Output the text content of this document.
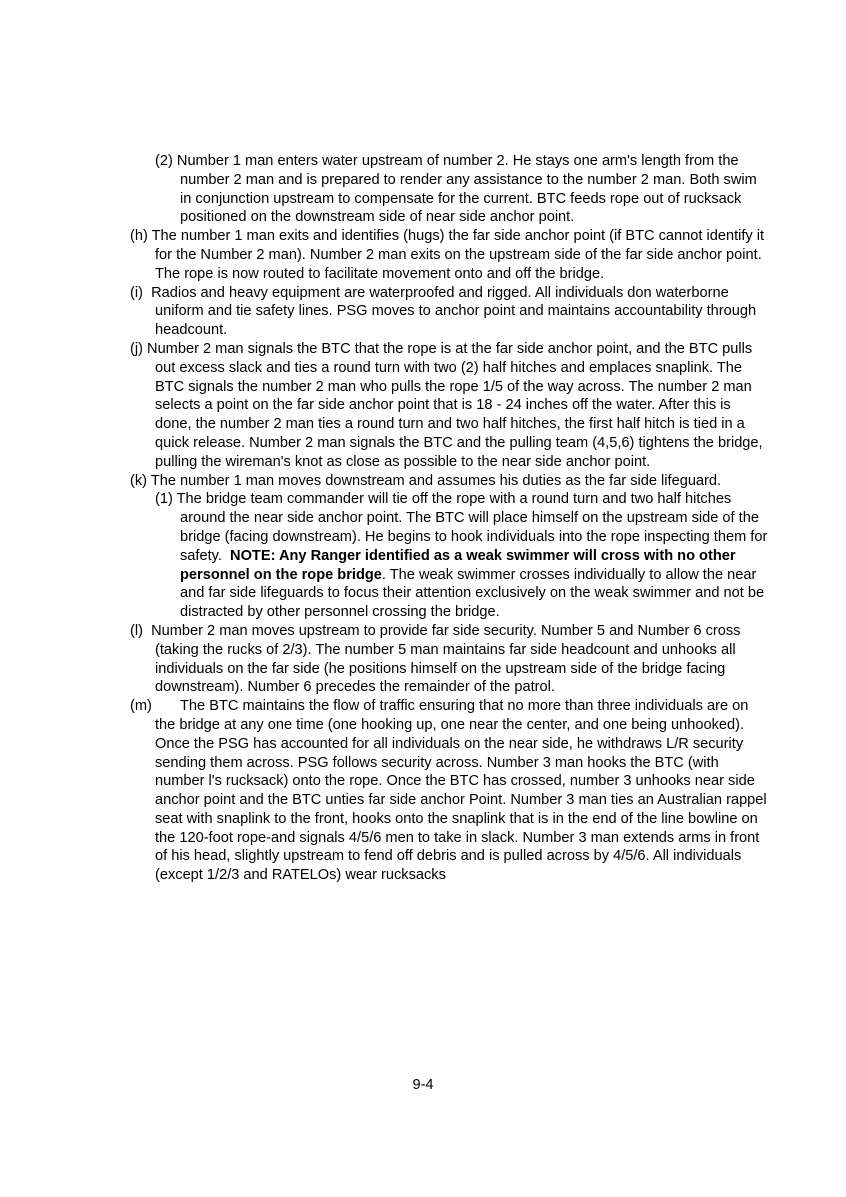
(2) Number 1 man enters water upstream of number 2. He stays one arm's length from the number 2 man and is prepared to render any assistance to the number 2 man. Both swim in conjunction upstream to compensate for the current. BTC feeds rope out of rucksack positioned on the downstream side of near side anchor point.

(h) The number 1 man exits and identifies (hugs) the far side anchor point (if BTC cannot identify it for the Number 2 man). Number 2 man exits on the upstream side of the far side anchor point. The rope is now routed to facilitate movement onto and off the bridge.

(i) Radios and heavy equipment are waterproofed and rigged. All individuals don waterborne uniform and tie safety lines. PSG moves to anchor point and maintains accountability through headcount.

(j) Number 2 man signals the BTC that the rope is at the far side anchor point, and the BTC pulls out excess slack and ties a round turn with two (2) half hitches and emplaces snaplink. The BTC signals the number 2 man who pulls the rope 1/5 of the way across. The number 2 man selects a point on the far side anchor point that is 18 - 24 inches off the water. After this is done, the number 2 man ties a round turn and two half hitches, the first half hitch is tied in a quick release. Number 2 man signals the BTC and the pulling team (4,5,6) tightens the bridge, pulling the wireman's knot as close as possible to the near side anchor point.

(k) The number 1 man moves downstream and assumes his duties as the far side lifeguard.

(1) The bridge team commander will tie off the rope with a round turn and two half hitches around the near side anchor point. The BTC will place himself on the upstream side of the bridge (facing downstream). He begins to hook individuals into the rope inspecting them for safety. NOTE: Any Ranger identified as a weak swimmer will cross with no other personnel on the rope bridge. The weak swimmer crosses individually to allow the near and far side lifeguards to focus their attention exclusively on the weak swimmer and not be distracted by other personnel crossing the bridge.

(l) Number 2 man moves upstream to provide far side security. Number 5 and Number 6 cross (taking the rucks of 2/3). The number 5 man maintains far side headcount and unhooks all individuals on the far side (he positions himself on the upstream side of the bridge facing downstream). Number 6 precedes the remainder of the patrol.

(m) The BTC maintains the flow of traffic ensuring that no more than three individuals are on the bridge at any one time (one hooking up, one near the center, and one being unhooked). Once the PSG has accounted for all individuals on the near side, he withdraws L/R security sending them across. PSG follows security across. Number 3 man hooks the BTC (with number l's rucksack) onto the rope. Once the BTC has crossed, number 3 unhooks near side anchor point and the BTC unties far side anchor Point. Number 3 man ties an Australian rappel seat with snaplink to the front, hooks onto the snaplink that is in the end of the line bowline on the 120-foot rope-and signals 4/5/6 men to take in slack. Number 3 man extends arms in front of his head, slightly upstream to fend off debris and is pulled across by 4/5/6. All individuals (except 1/2/3 and RATELOs) wear rucksacks

9-4
